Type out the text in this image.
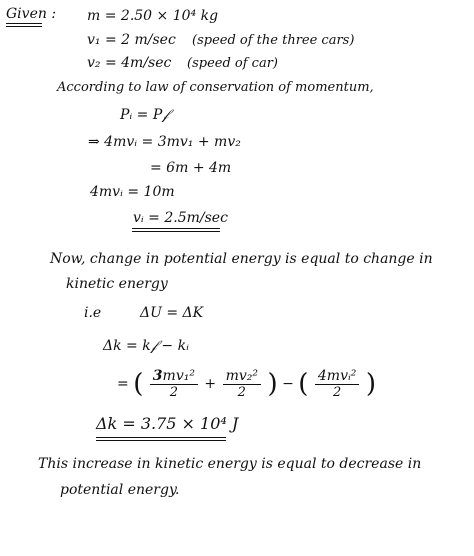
Given : m = 2.50 × 10⁴ kg
v₁ = 2 m/sec (speed of the three cars)
v₂ = 4m/sec (speed of car)
According to law of conservation of momentum,
Pᵢ = P𝒻
⇒ 4mvᵢ = 3mv₁ + mv₂
= 6m + 4m
4mvᵢ = 10m
vᵢ = 2.5m/sec
Now, change in potential energy is equal to change in
kinetic energy
i.e	ΔU = ΔK
Δk = k𝒻 − kᵢ
= ( $\frac{\text{3mv₁²}}{2} + \frac{\text{mv₂²}}{2}$ ) − ( $\frac{\text{4mvᵢ²}}{2}$ )
Δk = 3.75 × 10⁴ J
This increase in kinetic energy is equal to decrease in
potential energy.
